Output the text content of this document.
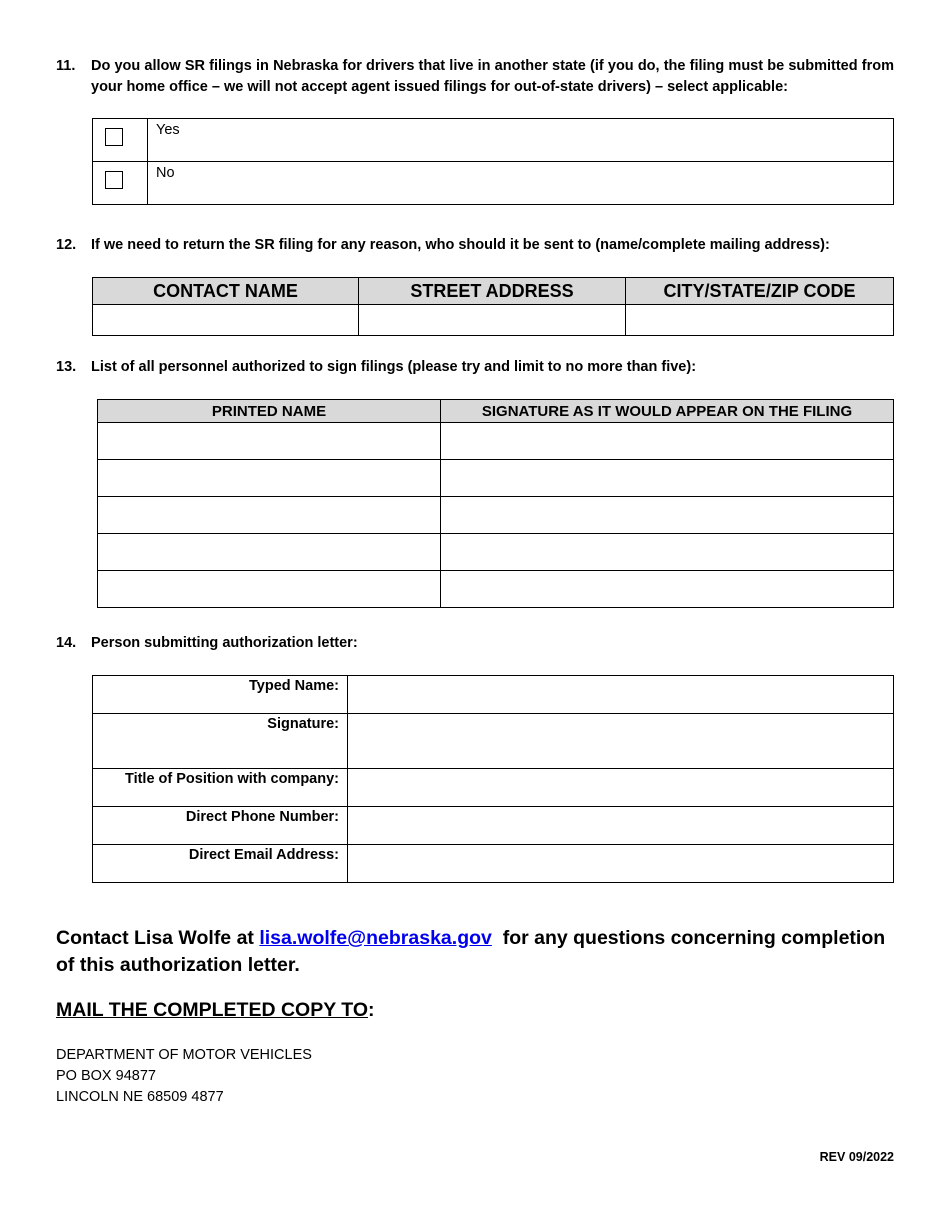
11. Do you allow SR filings in Nebraska for drivers that live in another state (if you do, the filing must be submitted from your home office – we will not accept agent issued filings for out-of-state drivers) – select applicable:
	Yes

	No
12. If we need to return the SR filing for any reason, who should it be sent to (name/complete mailing address):
CONTACT NAME	STREET ADDRESS	CITY/STATE/ZIP CODE

13. List of all personnel authorized to sign filings (please try and limit to no more than five):
PRINTED NAME	SIGNATURE AS IT WOULD APPEAR ON THE FILING

14. Person submitting authorization letter:
Typed Name:	
Signature:	
Title of Position with company:	
Direct Phone Number:	
Direct Email Address:	
Contact Lisa Wolfe at lisa.wolfe@nebraska.gov for any questions concerning completion of this authorization letter.
MAIL THE COMPLETED COPY TO:
DEPARTMENT OF MOTOR VEHICLES
PO BOX 94877
LINCOLN NE 68509 4877
REV 09/2022
